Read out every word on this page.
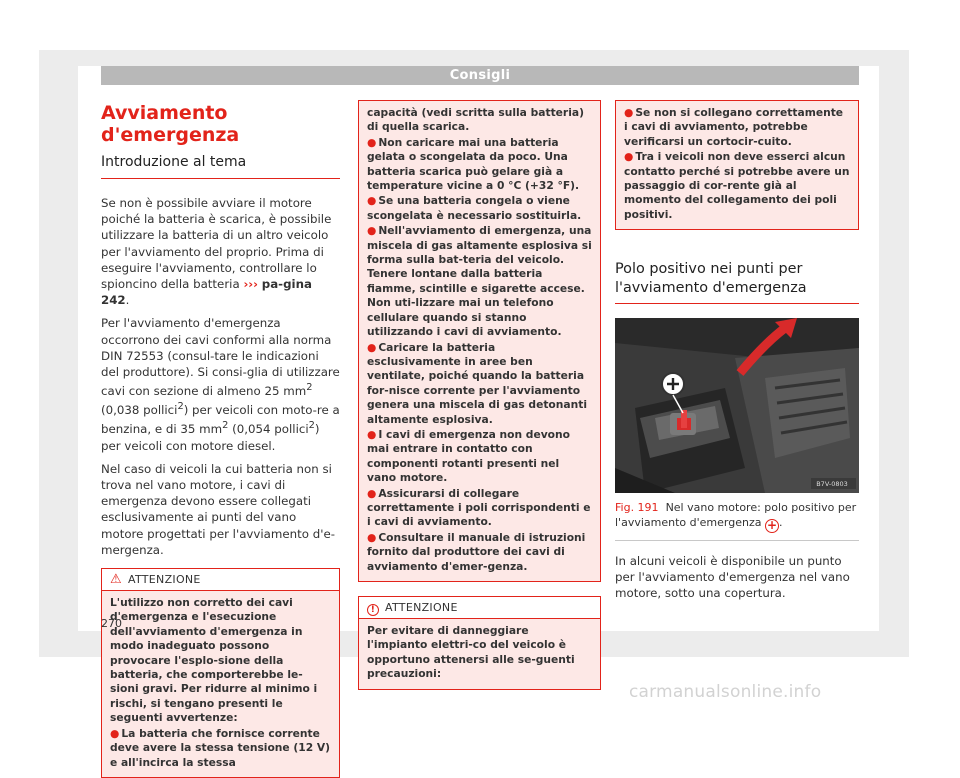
Consigli
Avviamento d'emergenza
Introduzione al tema

Se non è possibile avviare il motore poiché la batteria è scarica, è possibile utilizzare la batteria di un altro veicolo per l'avviamento del proprio. Prima di eseguire l'avviamento, controllare lo spioncino della batteria ››› pa-gina 242.

Per l'avviamento d'emergenza occorrono dei cavi conformi alla norma DIN 72553 (consul-tare le indicazioni del produttore). Si consi-glia di utilizzare cavi con sezione di almeno 25 $mm^2$ (0,038 pollici$^2$) per veicoli con moto-re a benzina, e di 35 $mm^2$ (0,054 pollici$^2$) per veicoli con motore diesel.

Nel caso di veicoli la cui batteria non si trova nel vano motore, i cavi di emergenza devono essere collegati esclusivamente ai punti del vano motore progettati per l'avviamento d'e-mergenza.

⚠ ATTENZIONE

L'utilizzo non corretto dei cavi d'emergenza e l'esecuzione dell'avviamento d'emergenza in modo inadeguato possono provocare l'esplo-sione della batteria, che comporterebbe le-sioni gravi. Per ridurre al minimo i rischi, si tengano presenti le seguenti avvertenze:

● La batteria che fornisce corrente deve avere la stessa tensione (12 V) e all'incirca la stessa

capacità (vedi scritta sulla batteria) di quella scarica.

● Non caricare mai una batteria gelata o scongelata da poco. Una batteria scarica può gelare già a temperature vicine a 0 °C (+32 °F).

● Se una batteria congela o viene scongelata è necessario sostituirla.

● Nell'avviamento di emergenza, una miscela di gas altamente esplosiva si forma sulla bat-teria del veicolo. Tenere lontane dalla batteria fiamme, scintille e sigarette accese. Non uti-lizzare mai un telefono cellulare quando si stanno utilizzando i cavi di avviamento.

● Caricare la batteria esclusivamente in aree ben ventilate, poiché quando la batteria for-nisce corrente per l'avviamento genera una miscela di gas detonanti altamente esplosiva.

● I cavi di emergenza non devono mai entrare in contatto con componenti rotanti presenti nel vano motore.

● Assicurarsi di collegare correttamente i poli corrispondenti e i cavi di avviamento.

● Consultare il manuale di istruzioni fornito dal produttore dei cavi di avviamento d'emer-genza.

! ATTENZIONE

Per evitare di danneggiare l'impianto elettri-co del veicolo è opportuno attenersi alle se-guenti precauzioni:

● Se non si collegano correttamente i cavi di avviamento, potrebbe verificarsi un cortocir-cuito.

● Tra i veicoli non deve esserci alcun contatto perché si potrebbe avere un passaggio di cor-rente già al momento del collegamento dei poli positivi.

Polo positivo nei punti per l'avviamento d'emergenza
B7V-0803
Fig. 191 Nel vano motore: polo positivo per l'avviamento d'emergenza + .
In alcuni veicoli è disponibile un punto per l'avviamento d'emergenza nel vano motore, sotto una copertura.
270
carmanualsonline.info
